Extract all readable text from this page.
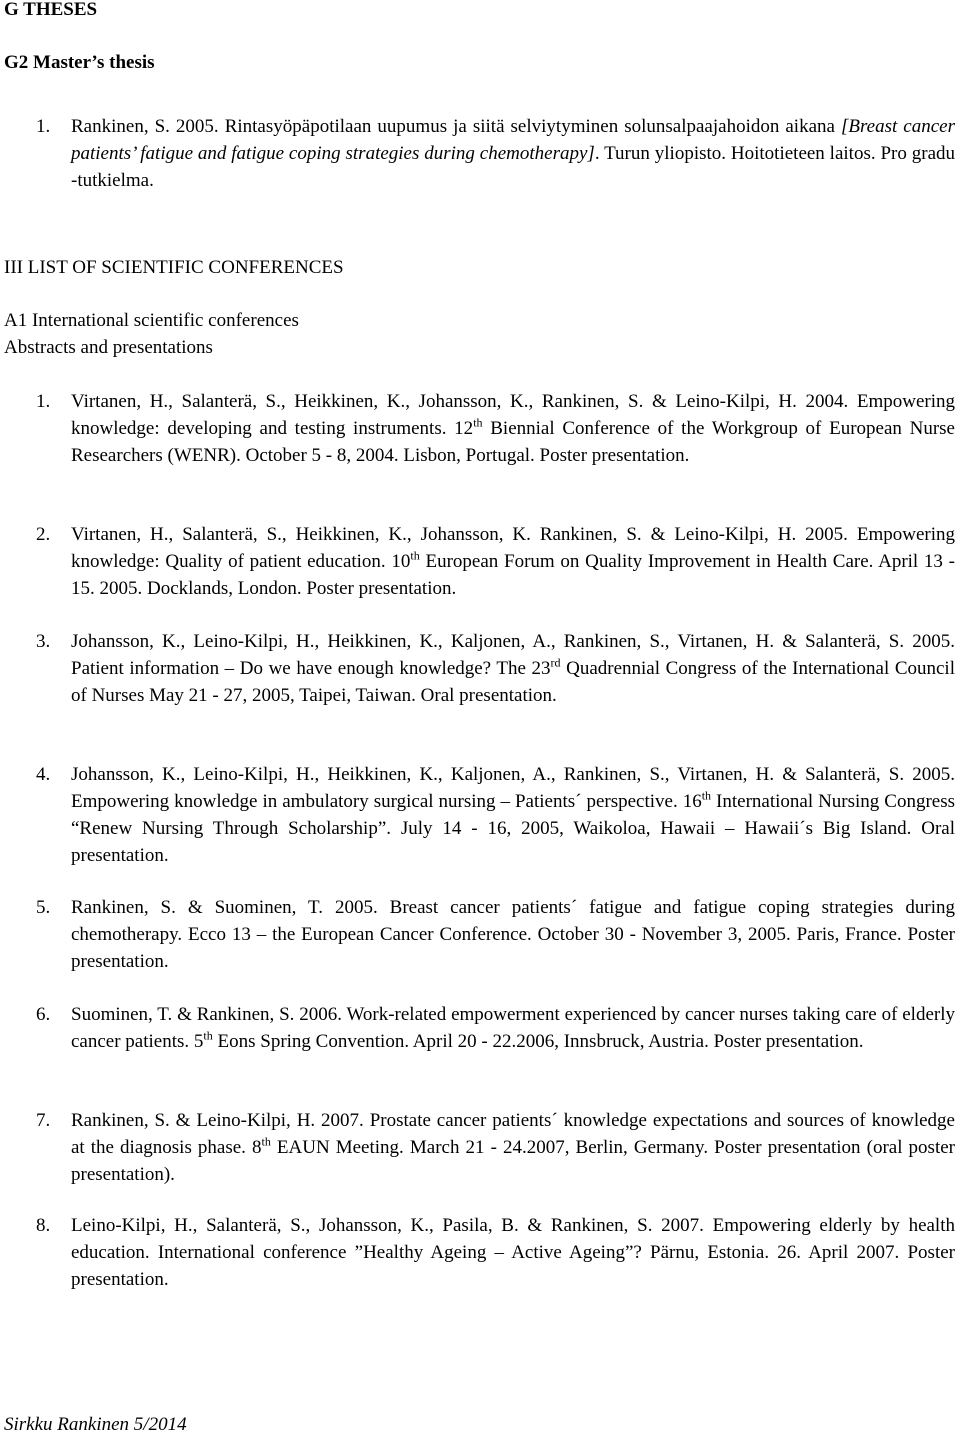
G THESES
G2 Master’s thesis
1. Rankinen, S. 2005. Rintasyöpäpotilaan uupumus ja siitä selviytyminen solunsalpaajahoidon aikana [Breast cancer patients’ fatigue and fatigue coping strategies during chemotherapy]. Turun yliopisto. Hoitotieteen laitos. Pro gradu -tutkielma.
III LIST OF SCIENTIFIC CONFERENCES
A1 International scientific conferences
Abstracts and presentations
1. Virtanen, H., Salanterä, S., Heikkinen, K., Johansson, K., Rankinen, S. & Leino-Kilpi, H. 2004. Empowering knowledge: developing and testing instruments. 12th Biennial Conference of the Workgroup of European Nurse Researchers (WENR). October 5 - 8, 2004. Lisbon, Portugal. Poster presentation.
2. Virtanen, H., Salanterä, S., Heikkinen, K., Johansson, K. Rankinen, S. & Leino-Kilpi, H. 2005. Empowering knowledge: Quality of patient education. 10th European Forum on Quality Improvement in Health Care. April 13 - 15. 2005. Docklands, London. Poster presentation.
3. Johansson, K., Leino-Kilpi, H., Heikkinen, K., Kaljonen, A., Rankinen, S., Virtanen, H. & Salanterä, S. 2005. Patient information – Do we have enough knowledge? The 23rd Quadrennial Congress of the International Council of Nurses May 21 - 27, 2005, Taipei, Taiwan. Oral presentation.
4. Johansson, K., Leino-Kilpi, H., Heikkinen, K., Kaljonen, A., Rankinen, S., Virtanen, H. & Salanterä, S. 2005. Empowering knowledge in ambulatory surgical nursing – Patients´ perspective. 16th International Nursing Congress “Renew Nursing Through Scholarship”. July 14 - 16, 2005, Waikoloa, Hawaii – Hawaii´s Big Island. Oral presentation.
5. Rankinen, S. & Suominen, T. 2005. Breast cancer patients´ fatigue and fatigue coping strategies during chemotherapy. Ecco 13 – the European Cancer Conference. October 30 - November 3, 2005. Paris, France. Poster presentation.
6. Suominen, T. & Rankinen, S. 2006. Work-related empowerment experienced by cancer nurses taking care of elderly cancer patients. 5th Eons Spring Convention. April 20 - 22.2006, Innsbruck, Austria. Poster presentation.
7. Rankinen, S. & Leino-Kilpi, H. 2007. Prostate cancer patients´ knowledge expectations and sources of knowledge at the diagnosis phase. 8th EAUN Meeting. March 21 - 24.2007, Berlin, Germany. Poster presentation (oral poster presentation).
8. Leino-Kilpi, H., Salanterä, S., Johansson, K., Pasila, B. & Rankinen, S. 2007. Empowering elderly by health education. International conference ”Healthy Ageing – Active Ageing”? Pärnu, Estonia. 26. April 2007. Poster presentation.
Sirkku Rankinen 5/2014
